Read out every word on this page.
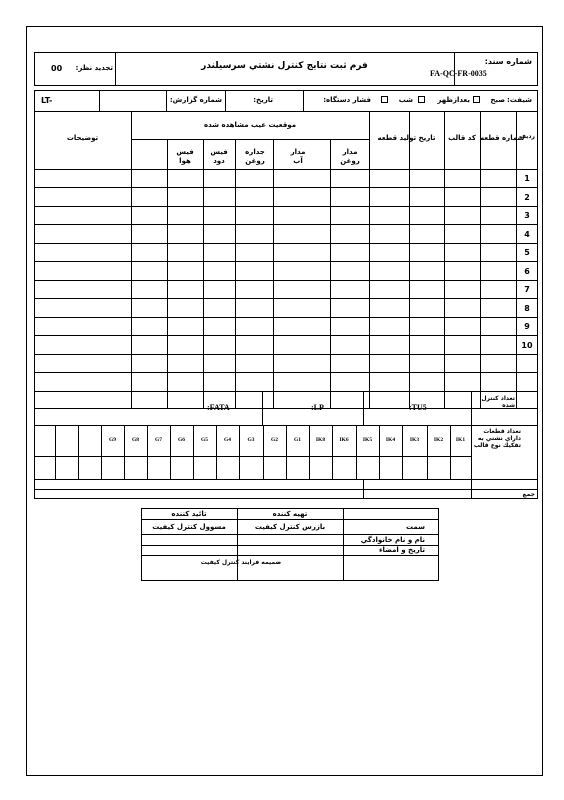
شماره سند:
FA-QC-FR-0035
فرم ثبت نتایج كنترل نشتي سرسيلندر
تجديد نظر:
00
شيفت:
صبح
بعدازظهر
شب
فشار دستگاه:
تاريخ:
شماره گزارش:
LT-
رديف
شماره قطعه
كد قالب
تاريخ توليد قطعه
موقعيت عيب مشاهده شده
مدار روغن
مدار آب
جداره روغن
فيس دود
فيس هوا
توضيحات
1
2
3
4
5
6
7
8
9
10
تعداد كنترل شده
:TU5
:LP
:FATA
تعداد قطعات داراي نشتي به تفكيك نوع قالب
IK1
IK2
IK3
IK4
IK5
IK6
IK8
G1
G2
G3
G4
G5
G6
G7
G8
G9
جمع
تهيه كننده
تائيد كننده
سمت
بازرس كنترل كيفيت
مسوول كنترل كيفيت
نام و نام خانوادگي
تاريخ و امضاء
ضميمه فرايند كنترل كيفيت
